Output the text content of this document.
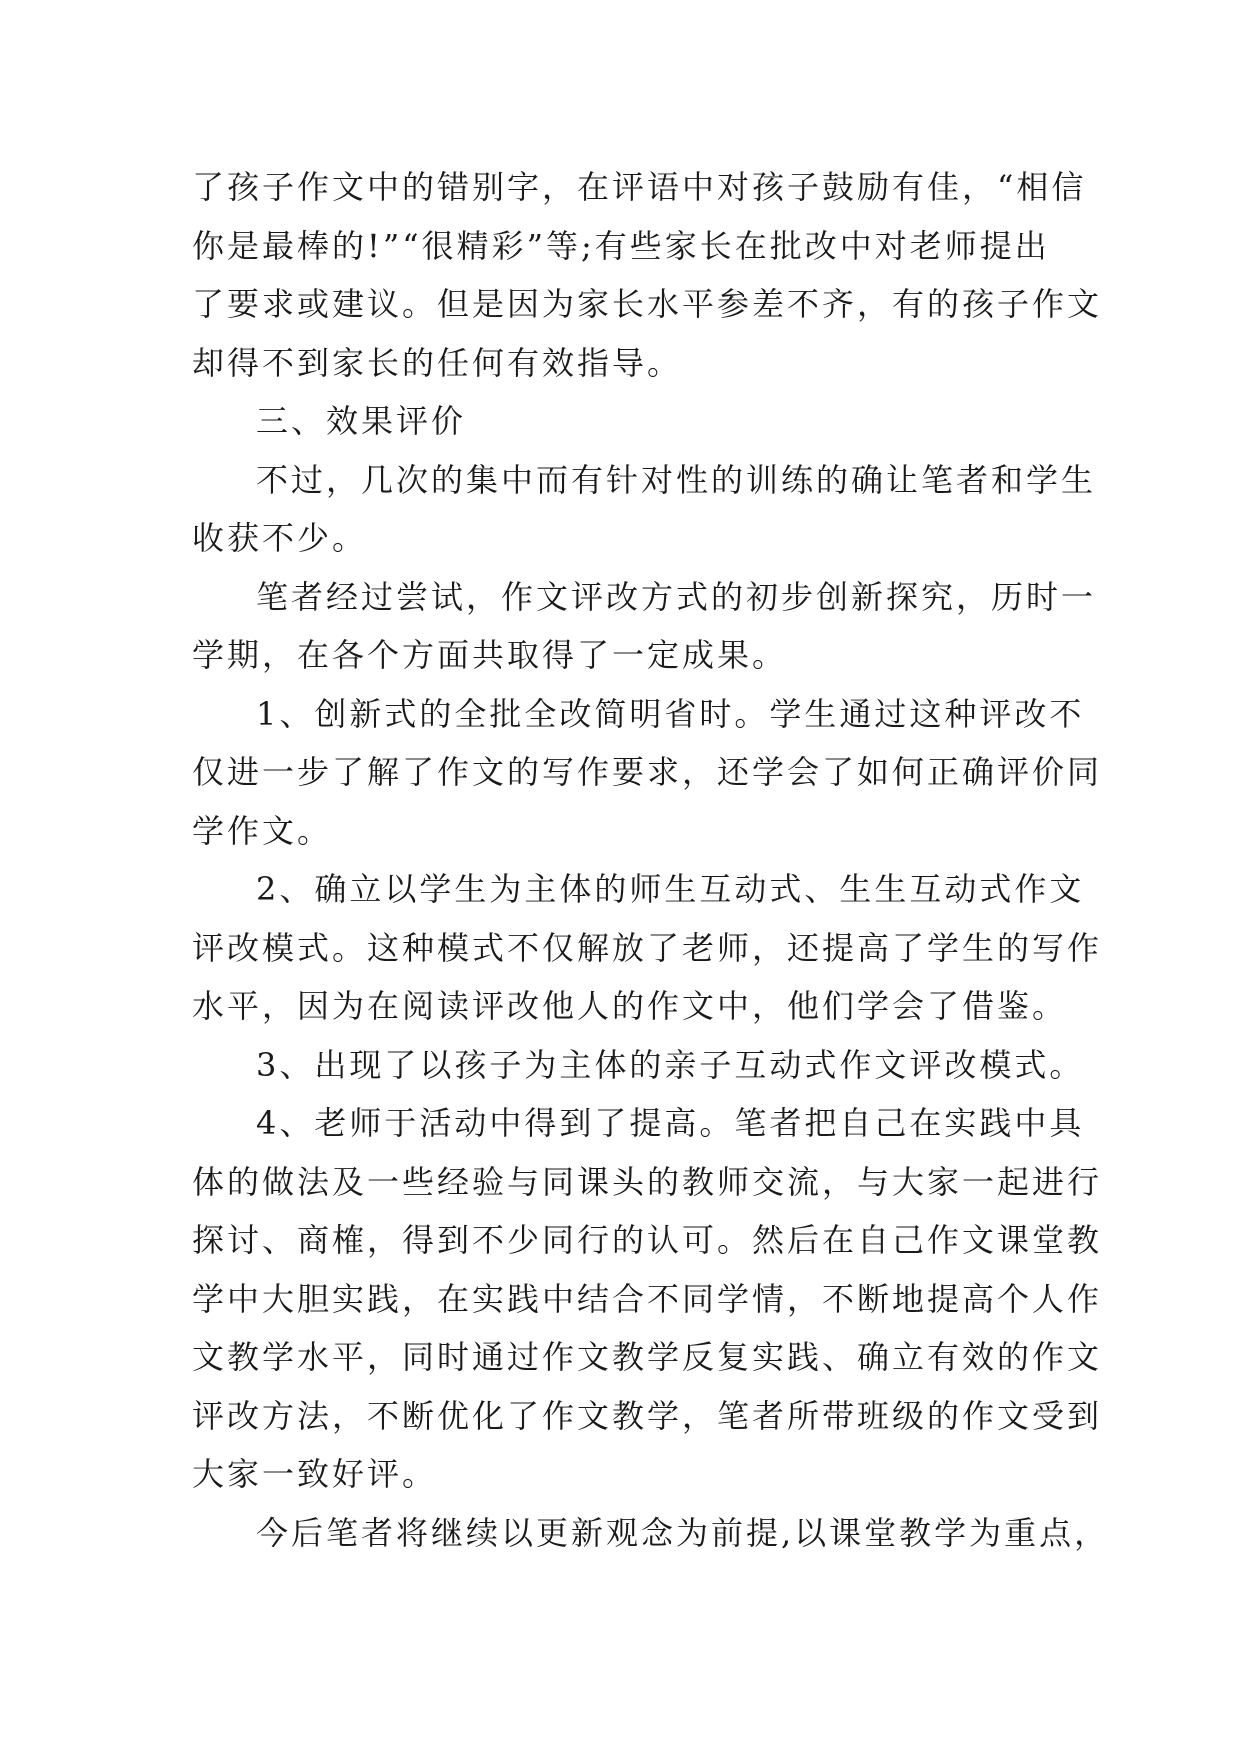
了孩子作文中的错别字，在评语中对孩子鼓励有佳，“相信
你是最棒的!”“很精彩”等;有些家长在批改中对老师提出
了要求或建议。但是因为家长水平参差不齐，有的孩子作文
却得不到家长的任何有效指导。
三、效果评价
不过，几次的集中而有针对性的训练的确让笔者和学生
收获不少。
笔者经过尝试，作文评改方式的初步创新探究，历时一
学期，在各个方面共取得了一定成果。
1、创新式的全批全改简明省时。学生通过这种评改不
仅进一步了解了作文的写作要求，还学会了如何正确评价同
学作文。
2、确立以学生为主体的师生互动式、生生互动式作文
评改模式。这种模式不仅解放了老师，还提高了学生的写作
水平，因为在阅读评改他人的作文中，他们学会了借鉴。
3、出现了以孩子为主体的亲子互动式作文评改模式。
4、老师于活动中得到了提高。笔者把自己在实践中具
体的做法及一些经验与同课头的教师交流，与大家一起进行
探讨、商榷，得到不少同行的认可。然后在自己作文课堂教
学中大胆实践，在实践中结合不同学情，不断地提高个人作
文教学水平，同时通过作文教学反复实践、确立有效的作文
评改方法，不断优化了作文教学，笔者所带班级的作文受到
大家一致好评。
今后笔者将继续以更新观念为前提,以课堂教学为重点，
